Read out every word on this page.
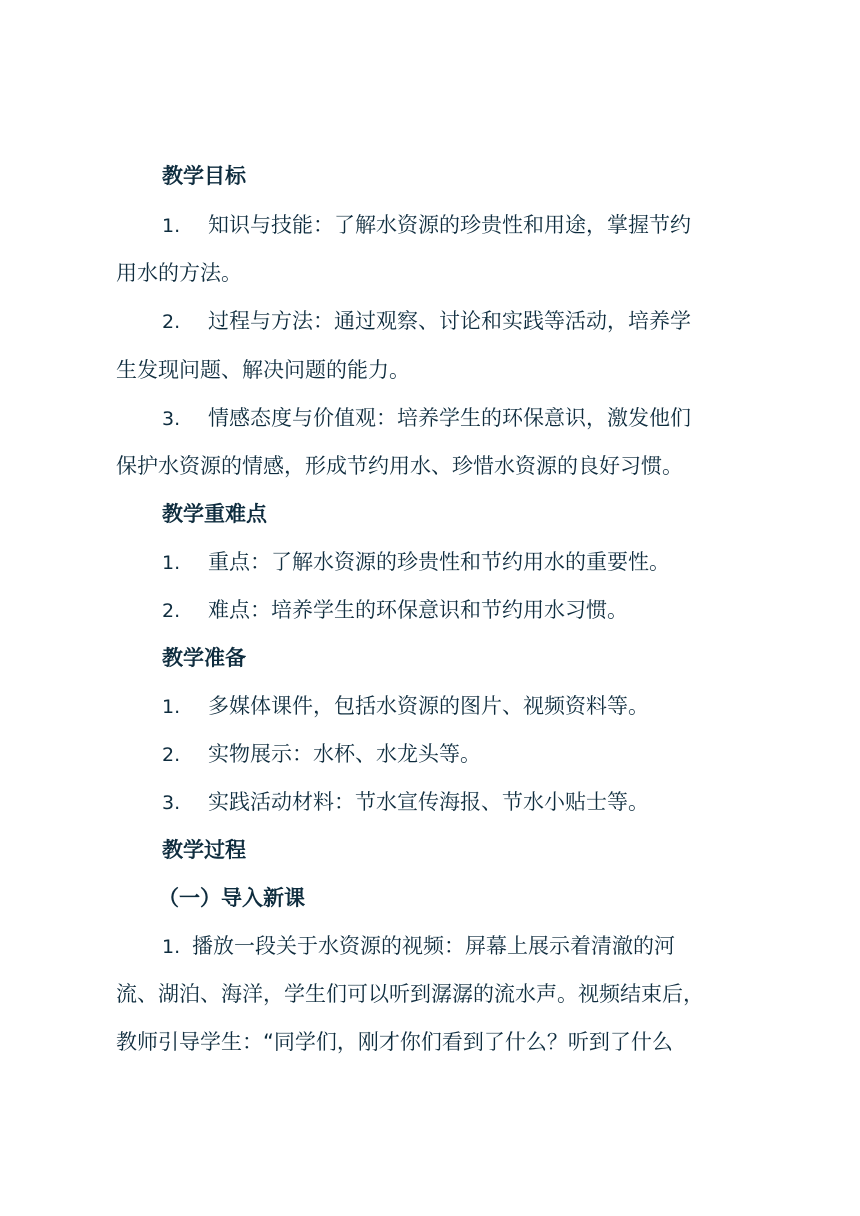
教学目标
1. 知识与技能：了解水资源的珍贵性和用途，掌握节约
用水的方法。
2. 过程与方法：通过观察、讨论和实践等活动，培养学
生发现问题、解决问题的能力。
3. 情感态度与价值观：培养学生的环保意识，激发他们
保护水资源的情感，形成节约用水、珍惜水资源的良好习惯。
教学重难点
1. 重点：了解水资源的珍贵性和节约用水的重要性。
2. 难点：培养学生的环保意识和节约用水习惯。
教学准备
1. 多媒体课件，包括水资源的图片、视频资料等。
2. 实物展示：水杯、水龙头等。
3. 实践活动材料：节水宣传海报、节水小贴士等。
教学过程
（一）导入新课
1. 播放一段关于水资源的视频：屏幕上展示着清澈的河
流、湖泊、海洋，学生们可以听到潺潺的流水声。视频结束后，
教师引导学生：“同学们，刚才你们看到了什么？听到了什么
